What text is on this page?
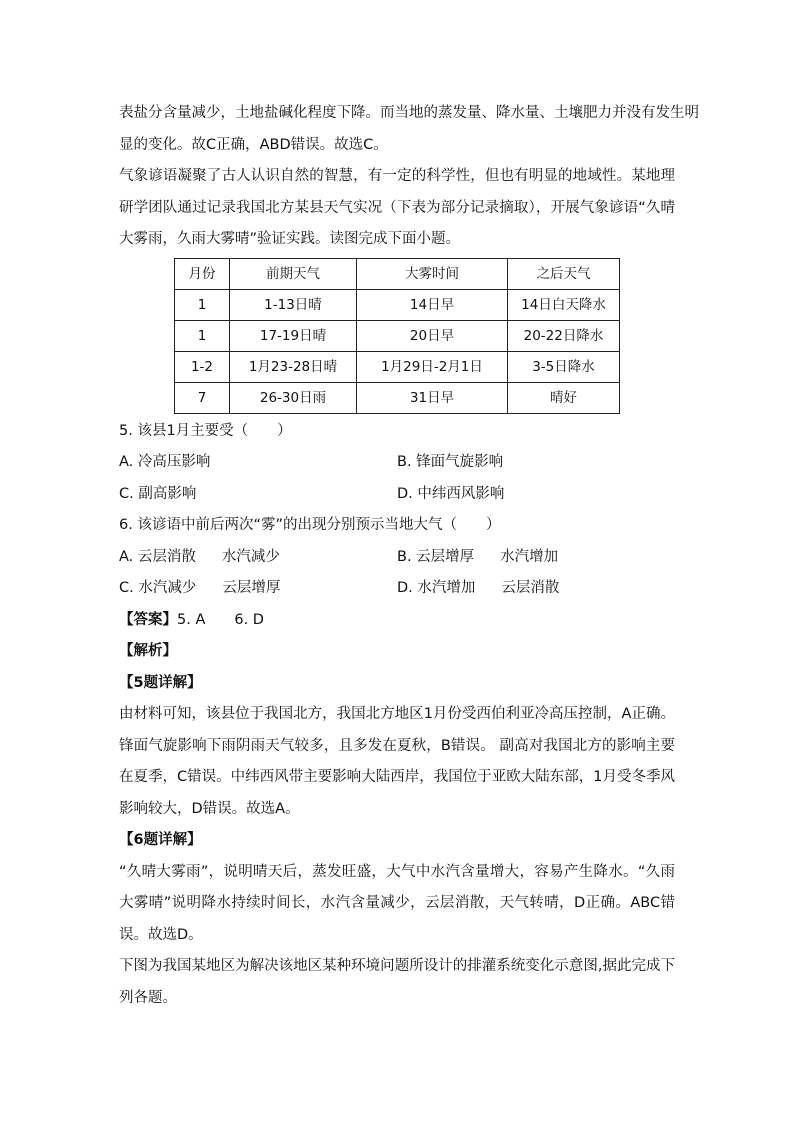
表盐分含量减少，土地盐碱化程度下降。而当地的蒸发量、降水量、土壤肥力并没有发生明

显的变化。故C正确，ABD错误。故选C。

气象谚语凝聚了古人认识自然的智慧，有一定的科学性，但也有明显的地域性。某地理研学团队通过记录我国北方某县天气实况（下表为部分记录摘取），开展气象谚语“久晴大雾雨，久雨大雾晴”验证实践。读图完成下面小题。

月份	前期天气	大雾时间	之后天气
1	1-13日晴	14日早	14日白天降水
1	17-19日晴	20日早	20-22日降水
1-2	1月23-28日晴	1月29日-2月1日	3-5日降水
7	26-30日雨	31日早	晴好

5. 该县1月主要受（　　）

A. 冷高压影响	B. 锋面气旋影响
C. 副高影响	D. 中纬西风影响

6. 该谚语中前后两次“雾”的出现分别预示当地大气（　　）

A. 云层消散 水汽减少	B. 云层增厚 水汽增加
C. 水汽减少 云层增厚	D. 水汽增加 云层消散

【答案】5. A　　6. D

【解析】

【5题详解】

由材料可知，该县位于我国北方，我国北方地区1月份受西伯利亚冷高压控制，A正确。锋面气旋影响下雨阴雨天气较多，且多发在夏秋，B错误。 副高对我国北方的影响主要在夏季，C错误。中纬西风带主要影响大陆西岸，我国位于亚欧大陆东部，1月受冬季风影响较大，D错误。故选A。

【6题详解】

“久晴大雾雨”，说明晴天后，蒸发旺盛，大气中水汽含量增大，容易产生降水。“久雨大雾晴”说明降水持续时间长，水汽含量减少，云层消散，天气转晴，D正确。ABC错误。故选D。

下图为我国某地区为解决该地区某种环境问题所设计的排灌系统变化示意图,据此完成下列各题。
